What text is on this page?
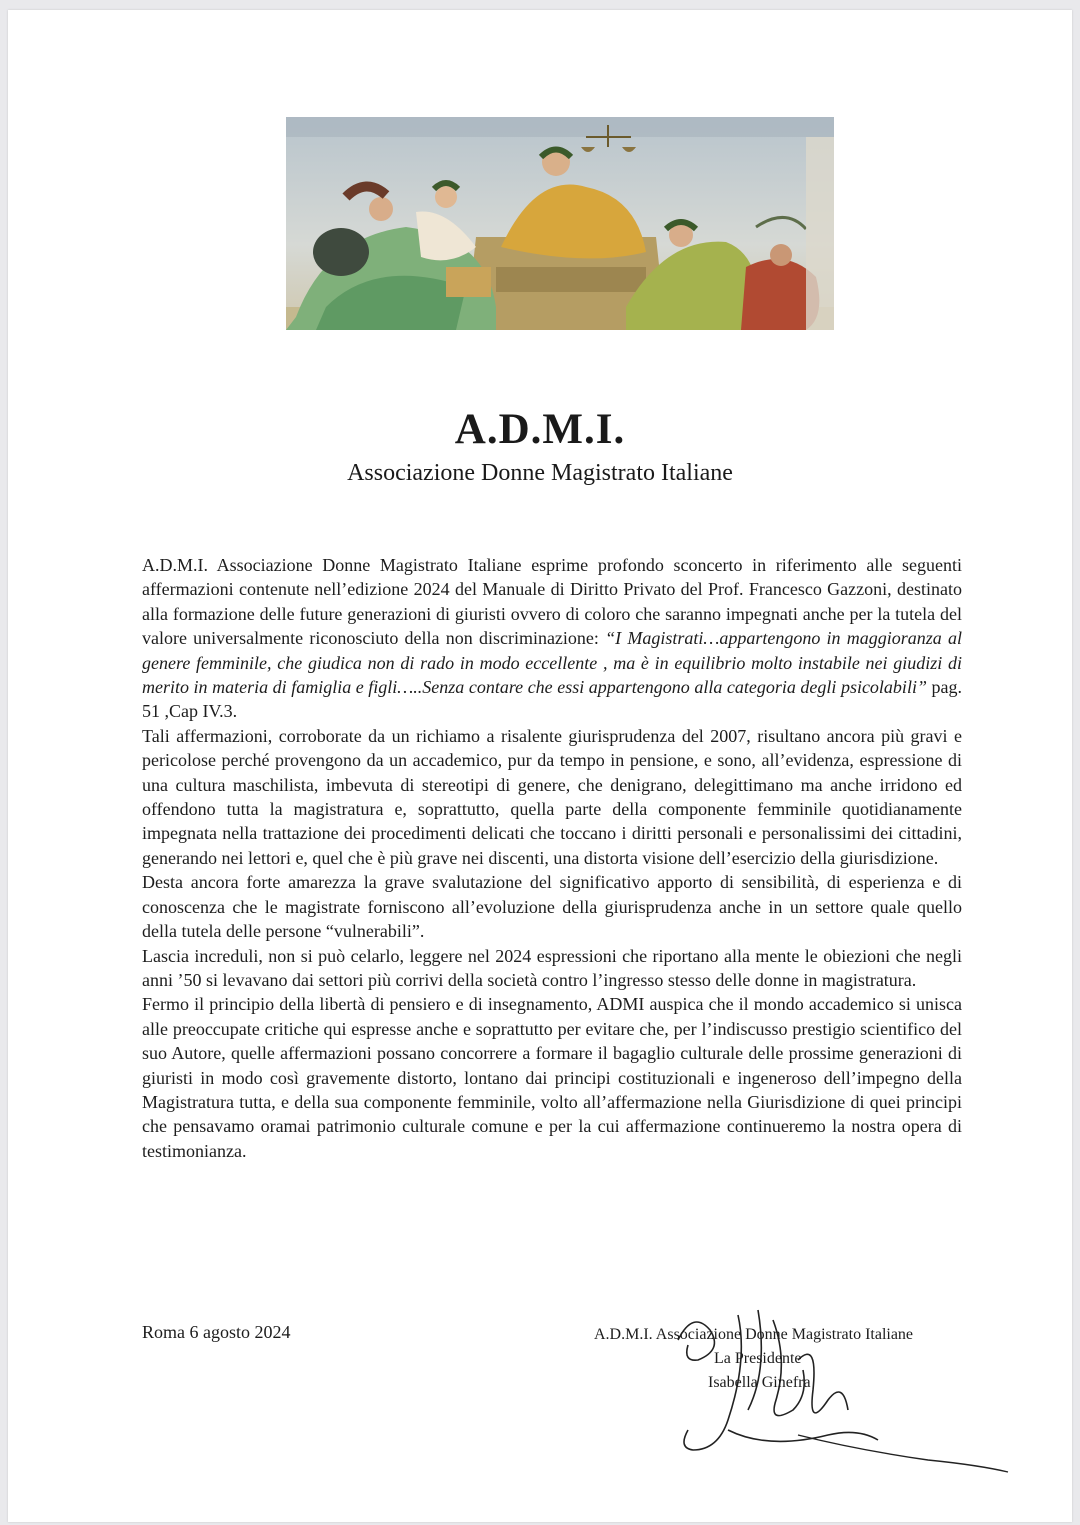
A.D.M.I.
Associazione Donne Magistrato Italiane

A.D.M.I. Associazione Donne Magistrato Italiane esprime profondo sconcerto in riferimento alle seguenti affermazioni contenute nell’edizione 2024 del Manuale di Diritto Privato del Prof. Francesco Gazzoni, destinato alla formazione delle future generazioni di giuristi ovvero di coloro che saranno impegnati anche per la tutela del valore universalmente riconosciuto della non discriminazione: “I Magistrati…appartengono in maggioranza al genere femminile, che giudica non di rado in modo eccellente , ma è in equilibrio molto instabile nei giudizi di merito in materia di famiglia e figli…..Senza contare che essi appartengono alla categoria degli psicolabili” pag. 51 ,Cap IV.3.

Tali affermazioni, corroborate da un richiamo a risalente giurisprudenza del 2007, risultano ancora più gravi e pericolose perché provengono da un accademico, pur da tempo in pensione, e sono, all’evidenza, espressione di una cultura maschilista, imbevuta di stereotipi di genere, che denigrano, delegittimano ma anche irridono ed offendono tutta la magistratura e, soprattutto, quella parte della componente femminile quotidianamente impegnata nella trattazione dei procedimenti delicati che toccano i diritti personali e personalissimi dei cittadini, generando nei lettori e, quel che è più grave nei discenti, una distorta visione dell’esercizio della giurisdizione.

Desta ancora forte amarezza la grave svalutazione del significativo apporto di sensibilità, di esperienza e di conoscenza che le magistrate forniscono all’evoluzione della giurisprudenza anche in un settore quale quello della tutela delle persone “vulnerabili”.

Lascia increduli, non si può celarlo, leggere nel 2024 espressioni che riportano alla mente le obiezioni che negli anni ’50 si levavano dai settori più corrivi della società contro l’ingresso stesso delle donne in magistratura.

Fermo il principio della libertà di pensiero e di insegnamento, ADMI auspica che il mondo accademico si unisca alle preoccupate critiche qui espresse anche e soprattutto per evitare che, per l’indiscusso prestigio scientifico del suo Autore, quelle affermazioni possano concorrere a formare il bagaglio culturale delle prossime generazioni di giuristi in modo così gravemente distorto, lontano dai principi costituzionali e ingeneroso dell’impegno della Magistratura tutta, e della sua componente femminile, volto all’affermazione nella Giurisdizione di quei principi che pensavamo oramai patrimonio culturale comune e per la cui affermazione continueremo la nostra opera di testimonianza.

Roma 6 agosto 2024	A.D.M.I. Associazione Donne Magistrato Italiane
La Presidente
Isabella Ginefra
